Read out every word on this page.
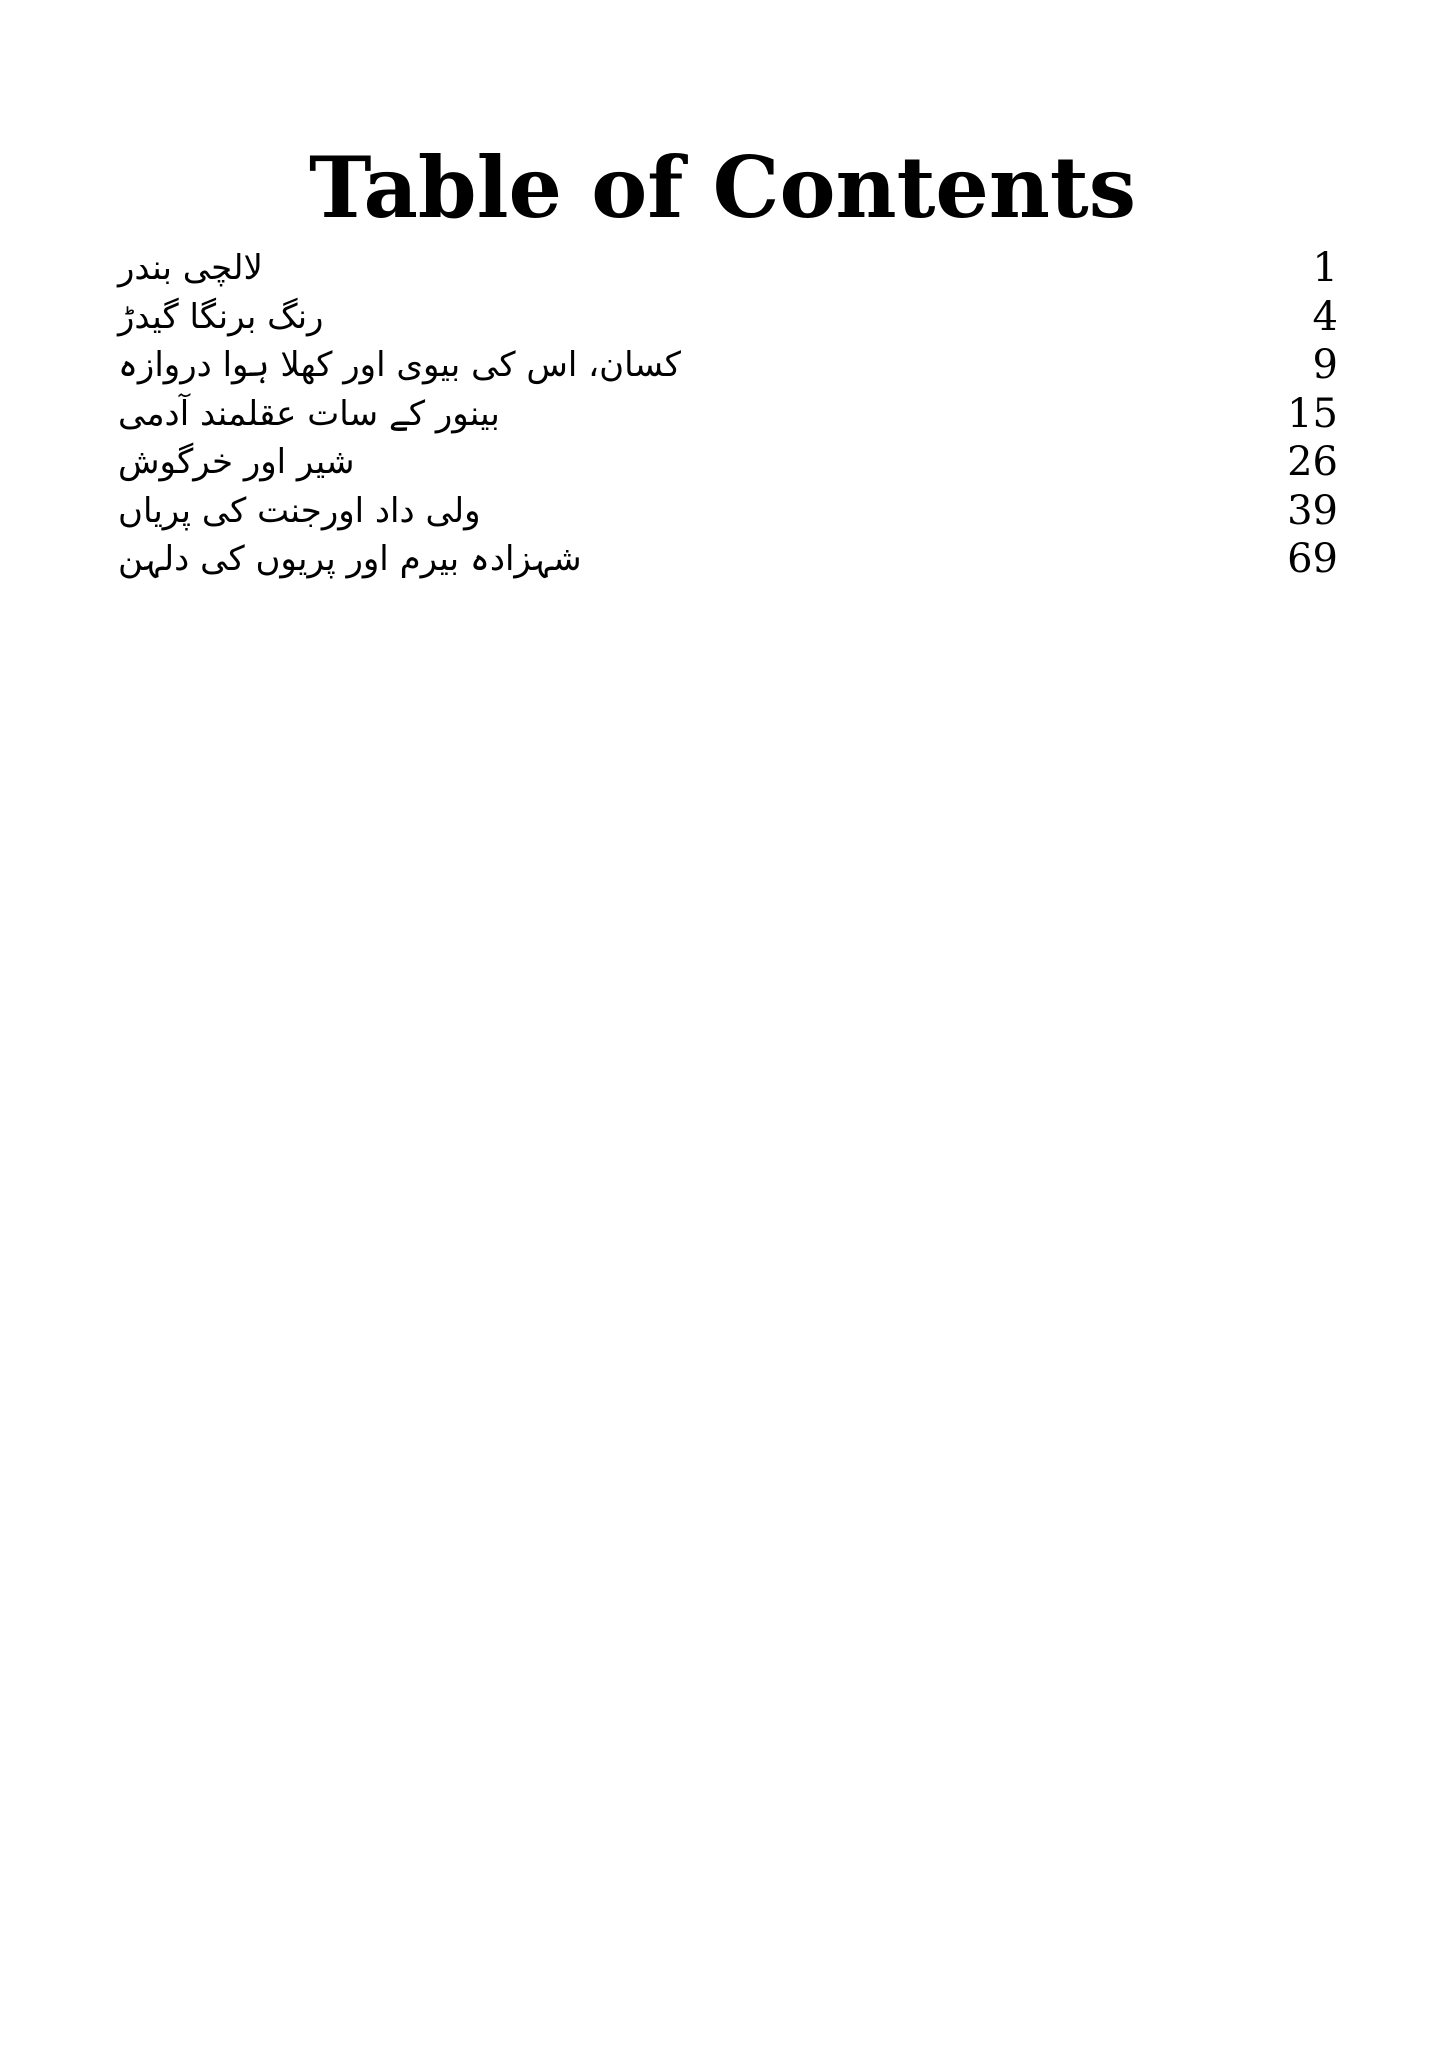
Table of Contents
لالچی بندر	1
رنگ برنگا گیدڑ	4
کسان، اس کی بیوی اور کھلا ہوا دروازہ	9
بینور کے سات عقلمند آدمی	15
شیر اور خرگوش	26
ولی داد اورجنت کی پریاں	39
شہزادہ بیرم اور پریوں کی دلہن	69
